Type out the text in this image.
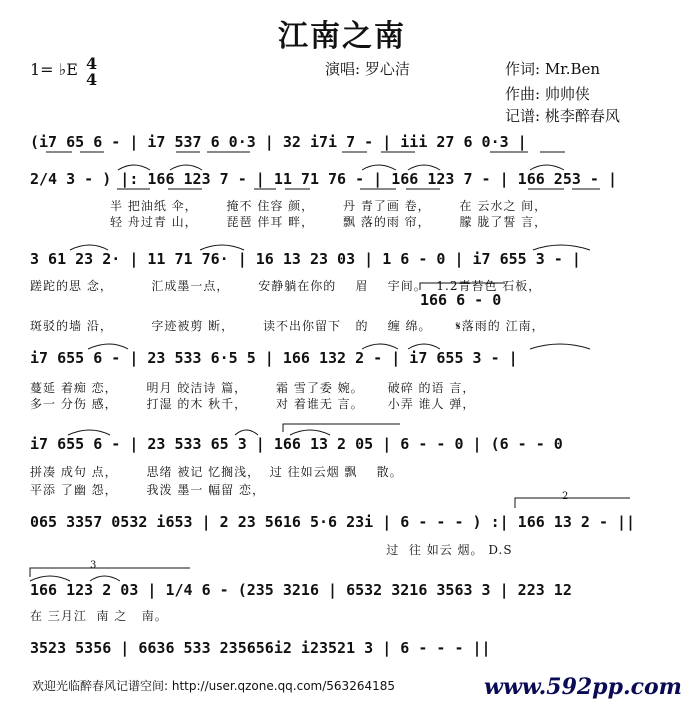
江南之南
1= ♭E 4
4
演唱: 罗心洁	作词: Mr.Ben
作曲: 帅帅侠
记谱: 桃李醉春风
(i7 65 6 - | i7 537 6 0·3 | 32 i7i 7 - | iii 27 6 0·3 |
2/4 3 - ) |: 166 123 7 - | 11 71 76 - | 166 123 7 - | 166 253 - |
半 把油纸 伞，      掩不 住容 颜，      丹 青了画 卷，      在 云水之 间，
轻 舟过青 山，      琵琶 伴耳 畔，      飘 落的雨 帘，      朦 胧了誓 言，
3 61 23 2· | 11 71 76· | 16 13 23 03 | 1 6 - 0 | i7 655 3 - |
166 6 - 0
蹉跎的思 念，        汇成墨一点，      安静躺在你的    眉    宇间。  1.2青苔色 石板，
斑驳的墙 沿，        字迹被剪 断，      读不出你留下   的    缠 绵。     𝄋落雨的 江南，
i7 655 6 - | 23 533 6·5 5 | 166 132 2 - | i7 655 3 - |
蔓延 着痴 恋，      明月 皎洁诗 篇，      霜 雪了委 婉。     破碎 的语 言，
多一 分伤 感，      打湿 的木 秋千，      对 着谁无 言。     小弄 谁人 弹，
i7 655 6 - | 23 533 65 3 | 166 13 2 05 | 6 - - 0 | (6 - - 0
拼凑 成句 点，      思绪 被记 忆搁浅，  过 往如云烟 飘    散。
平添 了幽 怨，      我泼 墨一 幅留 恋，
065 3357 0532 i653 | 2 23 5616 5·6 23i | 6 - - - ) :| 166 13 2 - ||
过  往 如云 烟。 D.S
2
166 123 2 03 | 1/4 6 - (235 3216 | 6532 3216 3563 3 | 223 12
在 三月江  南 之   南。
3
3523 5356 | 6636 533 235656i2 i23521 3 | 6 - - - ||
欢迎光临醉春风记谱空间: http://user.qzone.qq.com/563264185	www.592pp.com
